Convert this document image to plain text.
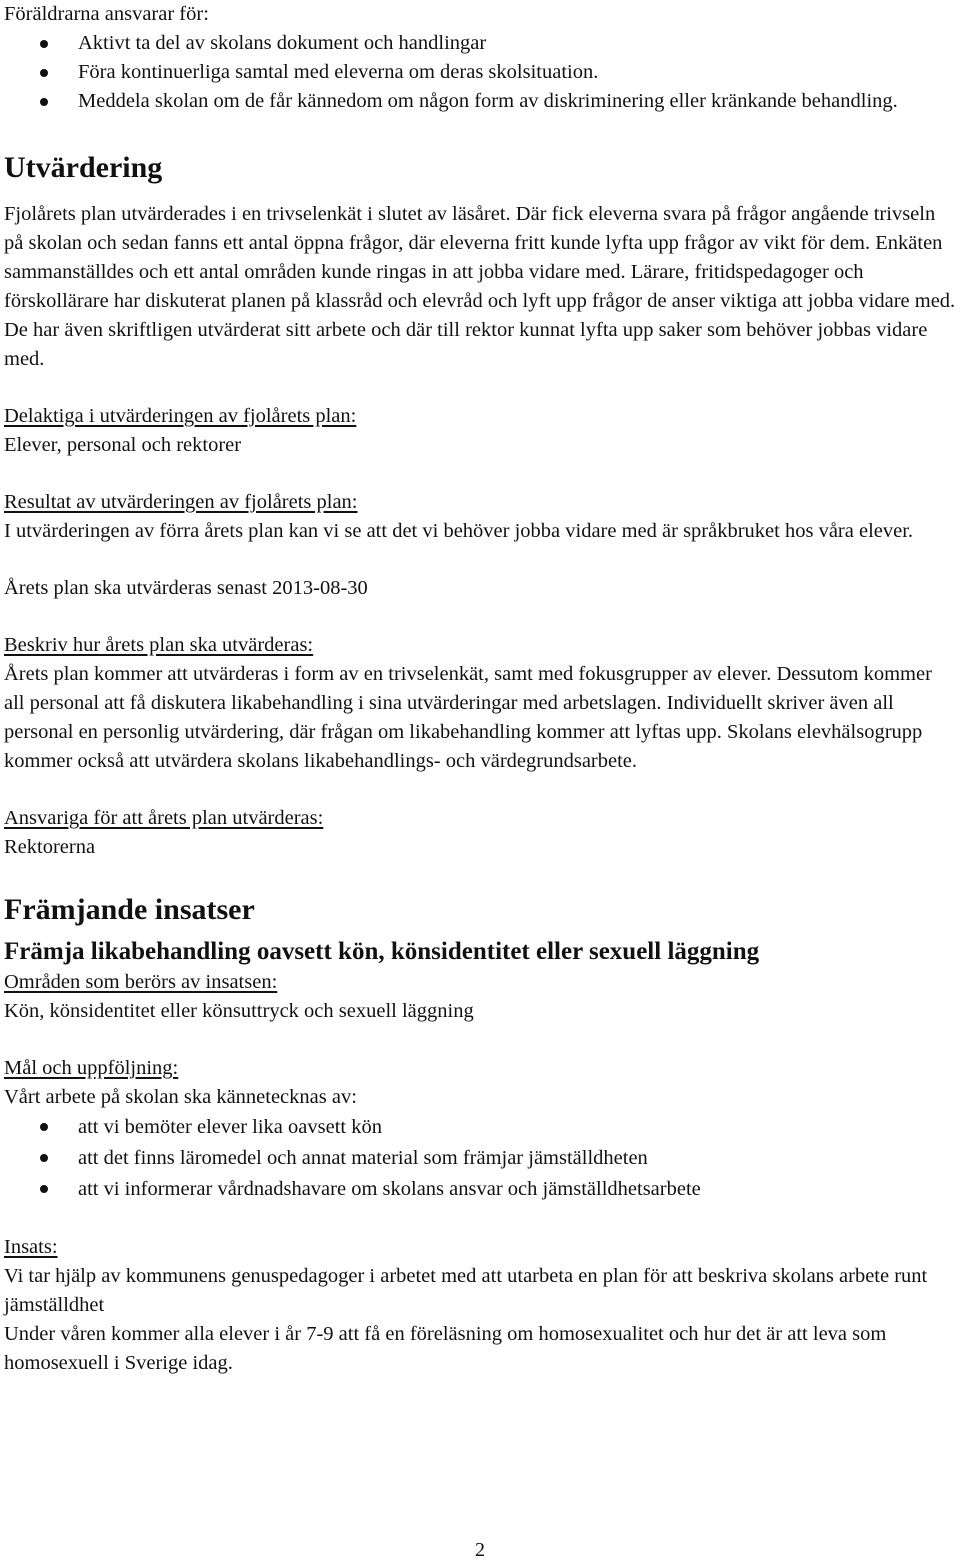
Föräldrarna ansvarar för:

Aktivt ta del av skolans dokument och handlingar
Föra kontinuerliga samtal med eleverna om deras skolsituation.
Meddela skolan om de får kännedom om någon form av diskriminering eller kränkande behandling.

Utvärdering

Fjolårets plan utvärderades i en trivselenkät i slutet av läsåret. Där fick eleverna svara på frågor angående trivseln på skolan och sedan fanns ett antal öppna frågor, där eleverna fritt kunde lyfta upp frågor av vikt för dem. Enkäten sammanställdes och ett antal områden kunde ringas in att jobba vidare med. Lärare, fritidspedagoger och förskollärare har diskuterat planen på klassråd och elevråd och lyft upp frågor de anser viktiga att jobba vidare med. De har även skriftligen utvärderat sitt arbete och där till rektor kunnat lyfta upp saker som behöver jobbas vidare med.

Delaktiga i utvärderingen av fjolårets plan:

Elever, personal och rektorer

Resultat av utvärderingen av fjolårets plan:

I utvärderingen av förra årets plan kan vi se att det vi behöver jobba vidare med är språkbruket hos våra elever.

Årets plan ska utvärderas senast 2013-08-30

Beskriv hur årets plan ska utvärderas:

Årets plan kommer att utvärderas i form av en trivselenkät, samt med fokusgrupper av elever. Dessutom kommer all personal att få diskutera likabehandling i sina utvärderingar med arbetslagen. Individuellt skriver även all personal en personlig utvärdering, där frågan om likabehandling kommer att lyftas upp. Skolans elevhälsogrupp kommer också att utvärdera skolans likabehandlings- och värdegrundsarbete.

Ansvariga för att årets plan utvärderas:

Rektorerna

Främjande insatser

Främja likabehandling oavsett kön, könsidentitet eller sexuell läggning

Områden som berörs av insatsen:

Kön, könsidentitet eller könsuttryck och sexuell läggning

Mål och uppföljning:

Vårt arbete på skolan ska kännetecknas av:

att vi bemöter elever lika oavsett kön
att det finns läromedel och annat material som främjar jämställdheten
att vi informerar vårdnadshavare om skolans ansvar och jämställdhetsarbete

Insats:

Vi tar hjälp av kommunens genuspedagoger i arbetet med att utarbeta en plan för att beskriva skolans arbete runt jämställdhet

Under våren kommer alla elever i år 7-9 att få en föreläsning om homosexualitet och hur det är att leva som homosexuell i Sverige idag.

2
